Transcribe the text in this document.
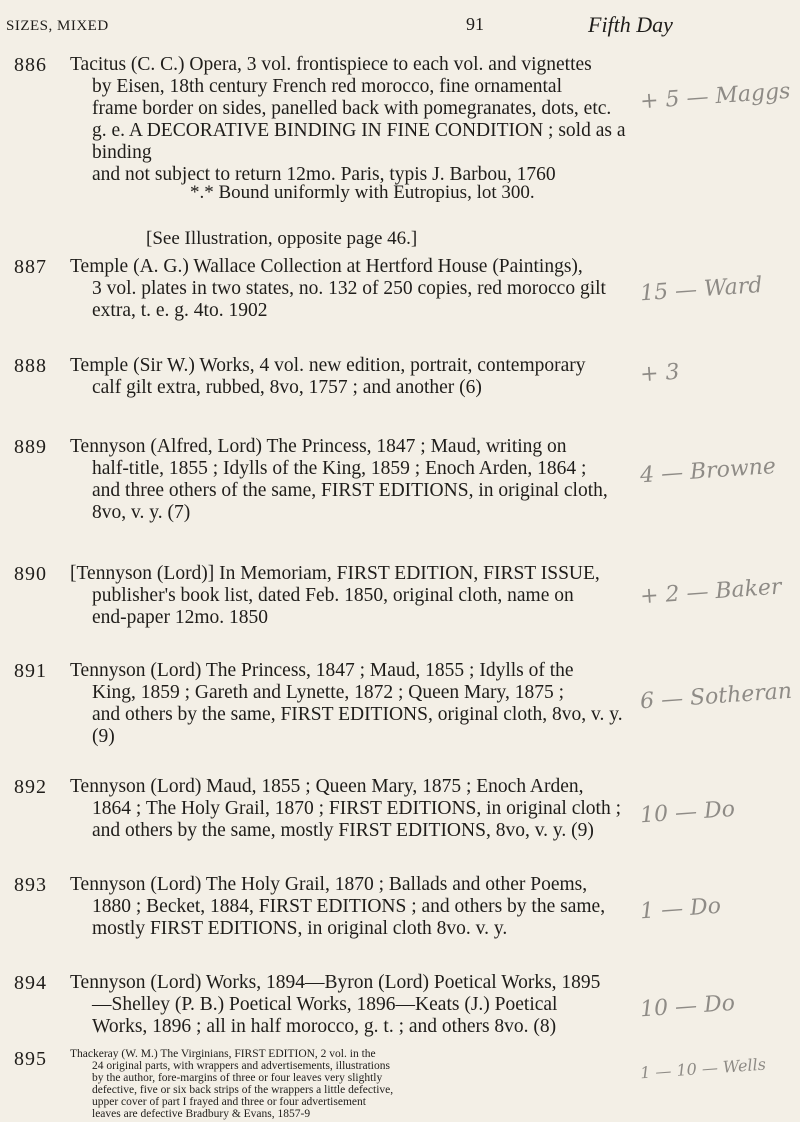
SIZES, MIXED	91	Fifth Day
886 Tacitus (C. C.) Opera, 3 vol. frontispiece to each vol. and vignettes
by Eisen, 18th century French red morocco, fine ornamental
frame border on sides, panelled back with pomegranates, dots, etc.
g. e. A DECORATIVE BINDING IN FINE CONDITION ; sold as a binding
and not subject to return 12mo. Paris, typis J. Barbou, 1760
*.* Bound uniformly with Eutropius, lot 300.
[See Illustration, opposite page 46.]
+ 5 — Maggs
887 Temple (A. G.) Wallace Collection at Hertford House (Paintings),
3 vol. plates in two states, no. 132 of 250 copies, red morocco gilt
extra, t. e. g. 4to. 1902
15 — Ward
888 Temple (Sir W.) Works, 4 vol. new edition, portrait, contemporary
calf gilt extra, rubbed, 8vo, 1757 ; and another (6)
+ 3
889 Tennyson (Alfred, Lord) The Princess, 1847 ; Maud, writing on
half-title, 1855 ; Idylls of the King, 1859 ; Enoch Arden, 1864 ;
and three others of the same, FIRST EDITIONS, in original cloth,
8vo, v. y. (7)
4 — Browne
890 [Tennyson (Lord)] In Memoriam, FIRST EDITION, FIRST ISSUE,
publisher's book list, dated Feb. 1850, original cloth, name on
end-paper 12mo. 1850
+ 2 — Baker
891 Tennyson (Lord) The Princess, 1847 ; Maud, 1855 ; Idylls of the
King, 1859 ; Gareth and Lynette, 1872 ; Queen Mary, 1875 ;
and others by the same, FIRST EDITIONS, original cloth, 8vo, v. y.
(9)
6 — Sotheran
892 Tennyson (Lord) Maud, 1855 ; Queen Mary, 1875 ; Enoch Arden,
1864 ; The Holy Grail, 1870 ; FIRST EDITIONS, in original cloth ;
and others by the same, mostly FIRST EDITIONS, 8vo, v. y. (9)
10 — Do
893 Tennyson (Lord) The Holy Grail, 1870 ; Ballads and other Poems,
1880 ; Becket, 1884, FIRST EDITIONS ; and others by the same,
mostly FIRST EDITIONS, in original cloth 8vo. v. y.
1 — Do
894 Tennyson (Lord) Works, 1894—Byron (Lord) Poetical Works, 1895
—Shelley (P. B.) Poetical Works, 1896—Keats (J.) Poetical
Works, 1896 ; all in half morocco, g. t. ; and others 8vo. (8)
10 — Do
895 Thackeray (W. M.) The Virginians, FIRST EDITION, 2 vol. in the
24 original parts, with wrappers and advertisements, illustrations
by the author, fore-margins of three or four leaves very slightly
defective, five or six back strips of the wrappers a little defective,
upper cover of part I frayed and three or four advertisement
leaves are defective Bradbury & Evans, 1857-9
1 — 10 — Wells
